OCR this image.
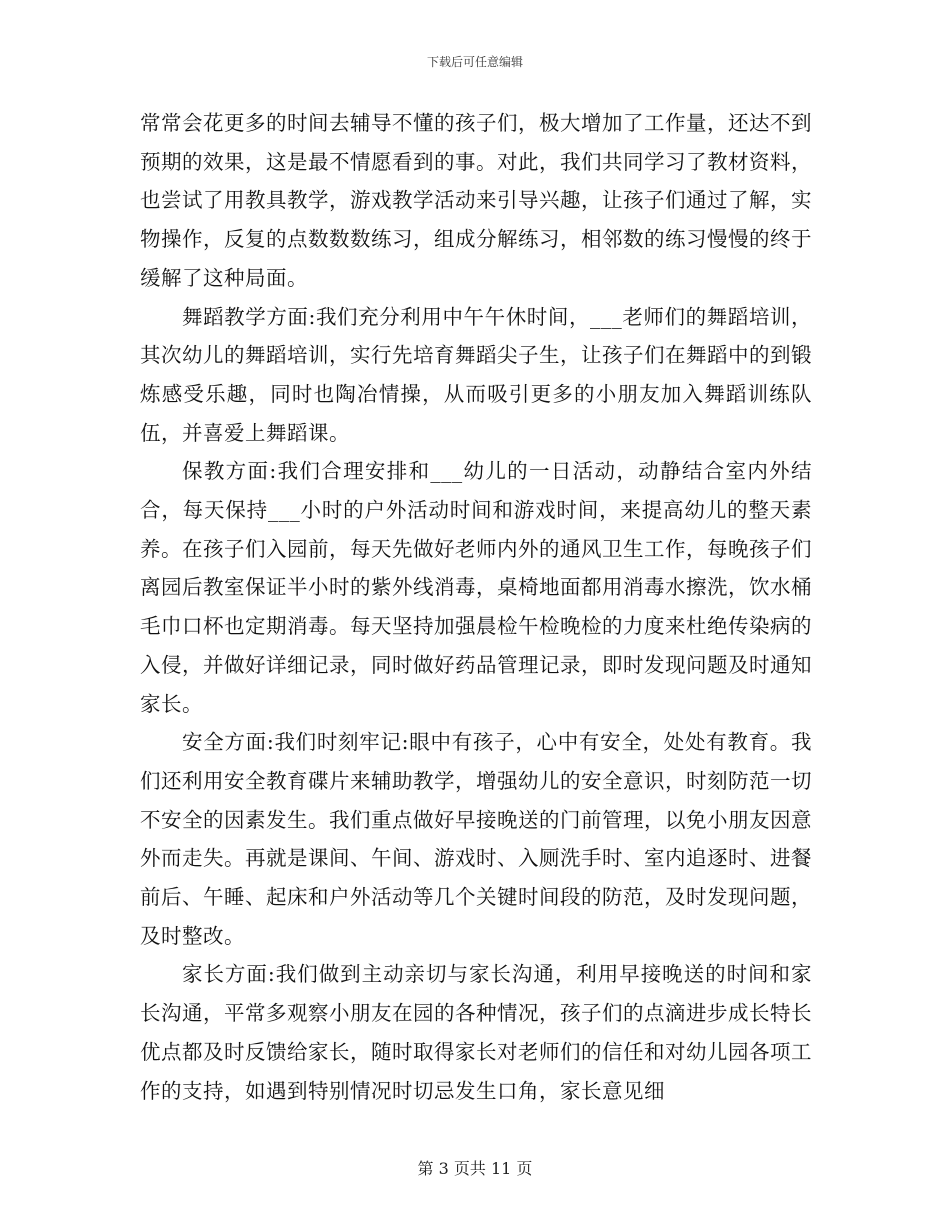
下载后可任意编辑

常常会花更多的时间去辅导不懂的孩子们，极大增加了工作量，还达不到预期的效果，这是最不情愿看到的事。对此，我们共同学习了教材资料，也尝试了用教具教学，游戏教学活动来引导兴趣，让孩子们通过了解，实物操作，反复的点数数数练习，组成分解练习，相邻数的练习慢慢的终于缓解了这种局面。

舞蹈教学方面:我们充分利用中午午休时间，___老师们的舞蹈培训，其次幼儿的舞蹈培训，实行先培育舞蹈尖子生，让孩子们在舞蹈中的到锻炼感受乐趣，同时也陶冶情操，从而吸引更多的小朋友加入舞蹈训练队伍，并喜爱上舞蹈课。

保教方面:我们合理安排和___幼儿的一日活动，动静结合室内外结合，每天保持___小时的户外活动时间和游戏时间，来提高幼儿的整天素养。在孩子们入园前，每天先做好老师内外的通风卫生工作，每晚孩子们离园后教室保证半小时的紫外线消毒，桌椅地面都用消毒水擦洗，饮水桶毛巾口杯也定期消毒。每天坚持加强晨检午检晚检的力度来杜绝传染病的入侵，并做好详细记录，同时做好药品管理记录，即时发现问题及时通知家长。

安全方面:我们时刻牢记:眼中有孩子，心中有安全，处处有教育。我们还利用安全教育碟片来辅助教学，增强幼儿的安全意识，时刻防范一切不安全的因素发生。我们重点做好早接晚送的门前管理，以免小朋友因意外而走失。再就是课间、午间、游戏时、入厕洗手时、室内追逐时、进餐前后、午睡、起床和户外活动等几个关键时间段的防范，及时发现问题，及时整改。

家长方面:我们做到主动亲切与家长沟通，利用早接晚送的时间和家长沟通，平常多观察小朋友在园的各种情况，孩子们的点滴进步成长特长优点都及时反馈给家长，随时取得家长对老师们的信任和对幼儿园各项工作的支持，如遇到特别情况时切忌发生口角，家长意见细

第 3 页共 11 页
